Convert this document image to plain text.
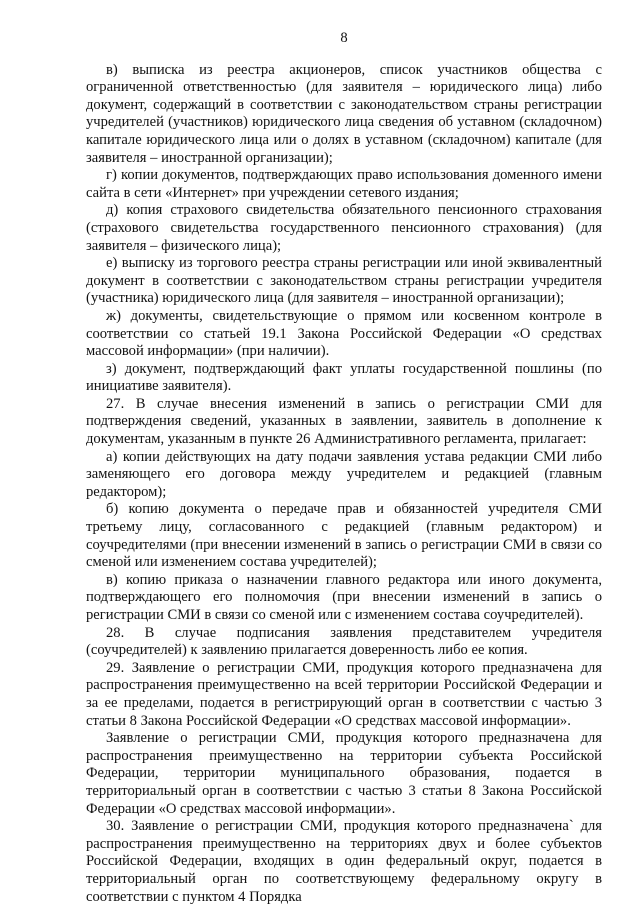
8

в) выписка из реестра акционеров, список участников общества с ограниченной ответственностью (для заявителя – юридического лица) либо документ, содержащий в соответствии с законодательством страны регистрации учредителей (участников) юридического лица сведения об уставном (складочном) капитале юридического лица или о долях в уставном (складочном) капитале (для заявителя – иностранной организации);

г) копии документов, подтверждающих право использования доменного имени сайта в сети «Интернет» при учреждении сетевого издания;

д) копия страхового свидетельства обязательного пенсионного страхования (страхового свидетельства государственного пенсионного страхования) (для заявителя – физического лица);

е) выписку из торгового реестра страны регистрации или иной эквивалентный документ в соответствии с законодательством страны регистрации учредителя (участника) юридического лица (для заявителя – иностранной организации);

ж) документы, свидетельствующие о прямом или косвенном контроле в соответствии со статьей 19.1 Закона Российской Федерации «О средствах массовой информации» (при наличии).

з) документ, подтверждающий факт уплаты государственной пошлины (по инициативе заявителя).

27. В случае внесения изменений в запись о регистрации СМИ для подтверждения сведений, указанных в заявлении, заявитель в дополнение к документам, указанным в пункте 26 Административного регламента, прилагает:

а) копии действующих на дату подачи заявления устава редакции СМИ либо заменяющего его договора между учредителем и редакцией (главным редактором);

б) копию документа о передаче прав и обязанностей учредителя СМИ третьему лицу, согласованного с редакцией (главным редактором) и соучредителями (при внесении изменений в запись о регистрации СМИ в связи со сменой или изменением состава учредителей);

в) копию приказа о назначении главного редактора или иного документа, подтверждающего его полномочия (при внесении изменений в запись о регистрации СМИ в связи со сменой или с изменением состава соучредителей).

28. В случае подписания заявления представителем учредителя (соучредителей) к заявлению прилагается доверенность либо ее копия.

29. Заявление о регистрации СМИ, продукция которого предназначена для распространения преимущественно на всей территории Российской Федерации и за ее пределами, подается в регистрирующий орган в соответствии с частью 3 статьи 8 Закона Российской Федерации «О средствах массовой информации».

Заявление о регистрации СМИ, продукция которого предназначена для распространения преимущественно на территории субъекта Российской Федерации, территории муниципального образования, подается в территориальный орган в соответствии с частью 3 статьи 8 Закона Российской Федерации «О средствах массовой информации».

30. Заявление о регистрации СМИ, продукция которого предназначена` для распространения преимущественно на территориях двух и более субъектов Российской Федерации, входящих в один федеральный округ, подается в территориальный орган по соответствующему федеральному округу в соответствии с пунктом 4 Порядка
